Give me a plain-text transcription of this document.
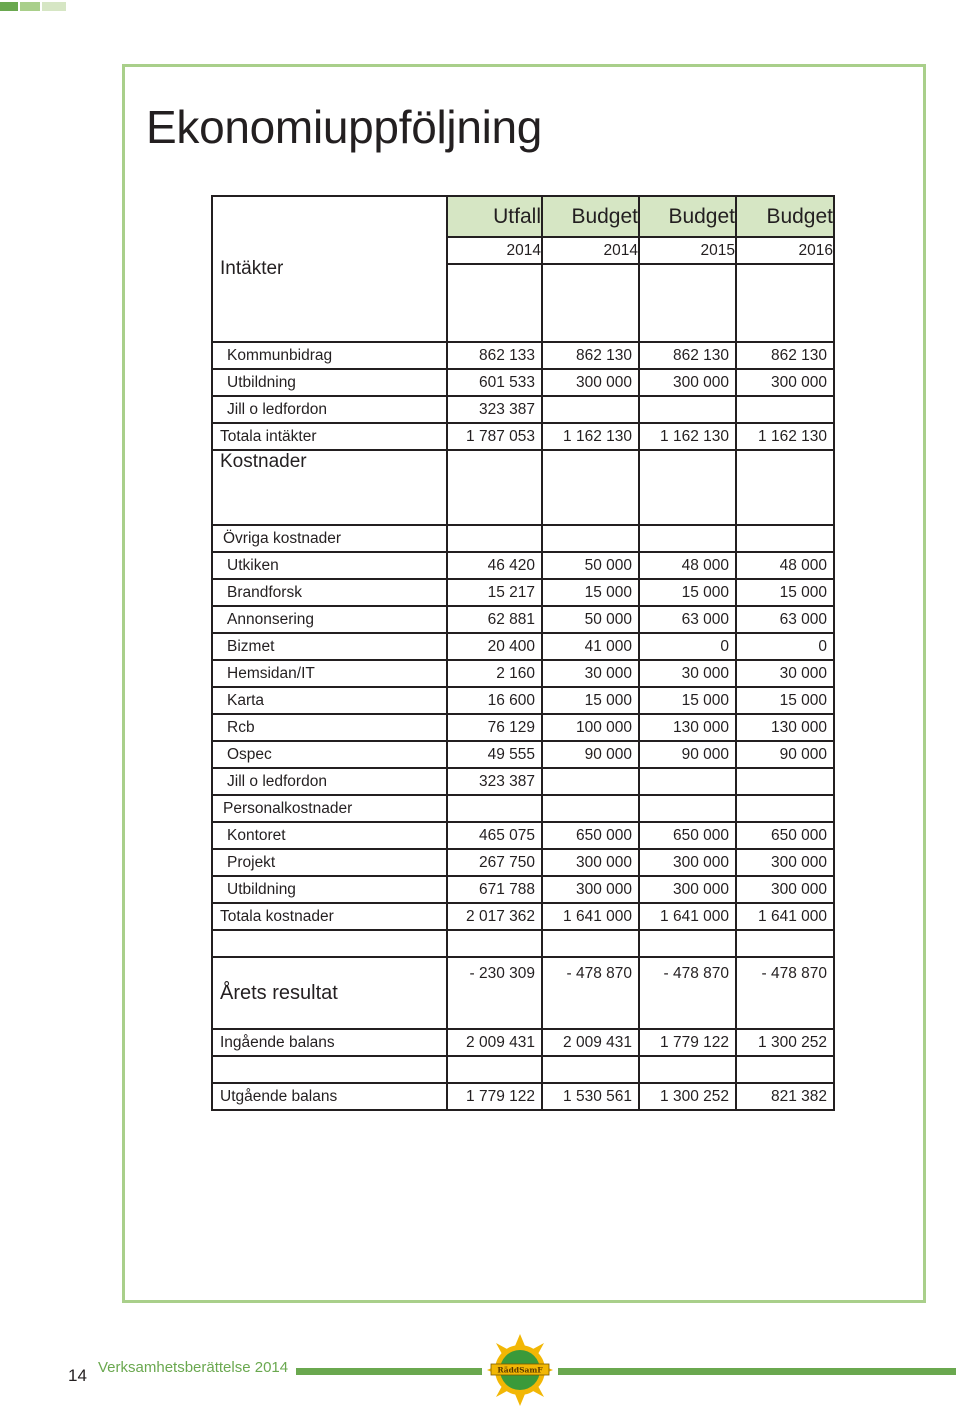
Ekonomiuppföljning
Intäkter	Utfall	Budget	Budget	Budget
	2014	2014	2015	2016

Kommunbidrag	862 133	862 130	862 130	862 130
Utbildning	601 533	300 000	300 000	300 000
Jill o ledfordon	323 387			
Totala intäkter	1 787 053	1 162 130	1 162 130	1 162 130
Kostnader				
Övriga kostnader				
Utkiken	46 420	50 000	48 000	48 000
Brandforsk	15 217	15 000	15 000	15 000
Annonsering	62 881	50 000	63 000	63 000
Bizmet	20 400	41 000	0	0
Hemsidan/IT	2 160	30 000	30 000	30 000
Karta	16 600	15 000	15 000	15 000
Rcb	76 129	100 000	130 000	130 000
Ospec	49 555	90 000	90 000	90 000
Jill o ledfordon	323 387			
Personalkostnader				
Kontoret	465 075	650 000	650 000	650 000
Projekt	267 750	300 000	300 000	300 000
Utbildning	671 788	300 000	300 000	300 000
Totala kostnader	2 017 362	1 641 000	1 641 000	1 641 000

Årets resultat	- 230 309	- 478 870	- 478 870	- 478 870
Ingående balans	2 009 431	2 009 431	1 779 122	1 300 252

Utgående balans	1 779 122	1 530 561	1 300 252	821 382
14 Verksamhetsberättelse 2014	RäddSamF
